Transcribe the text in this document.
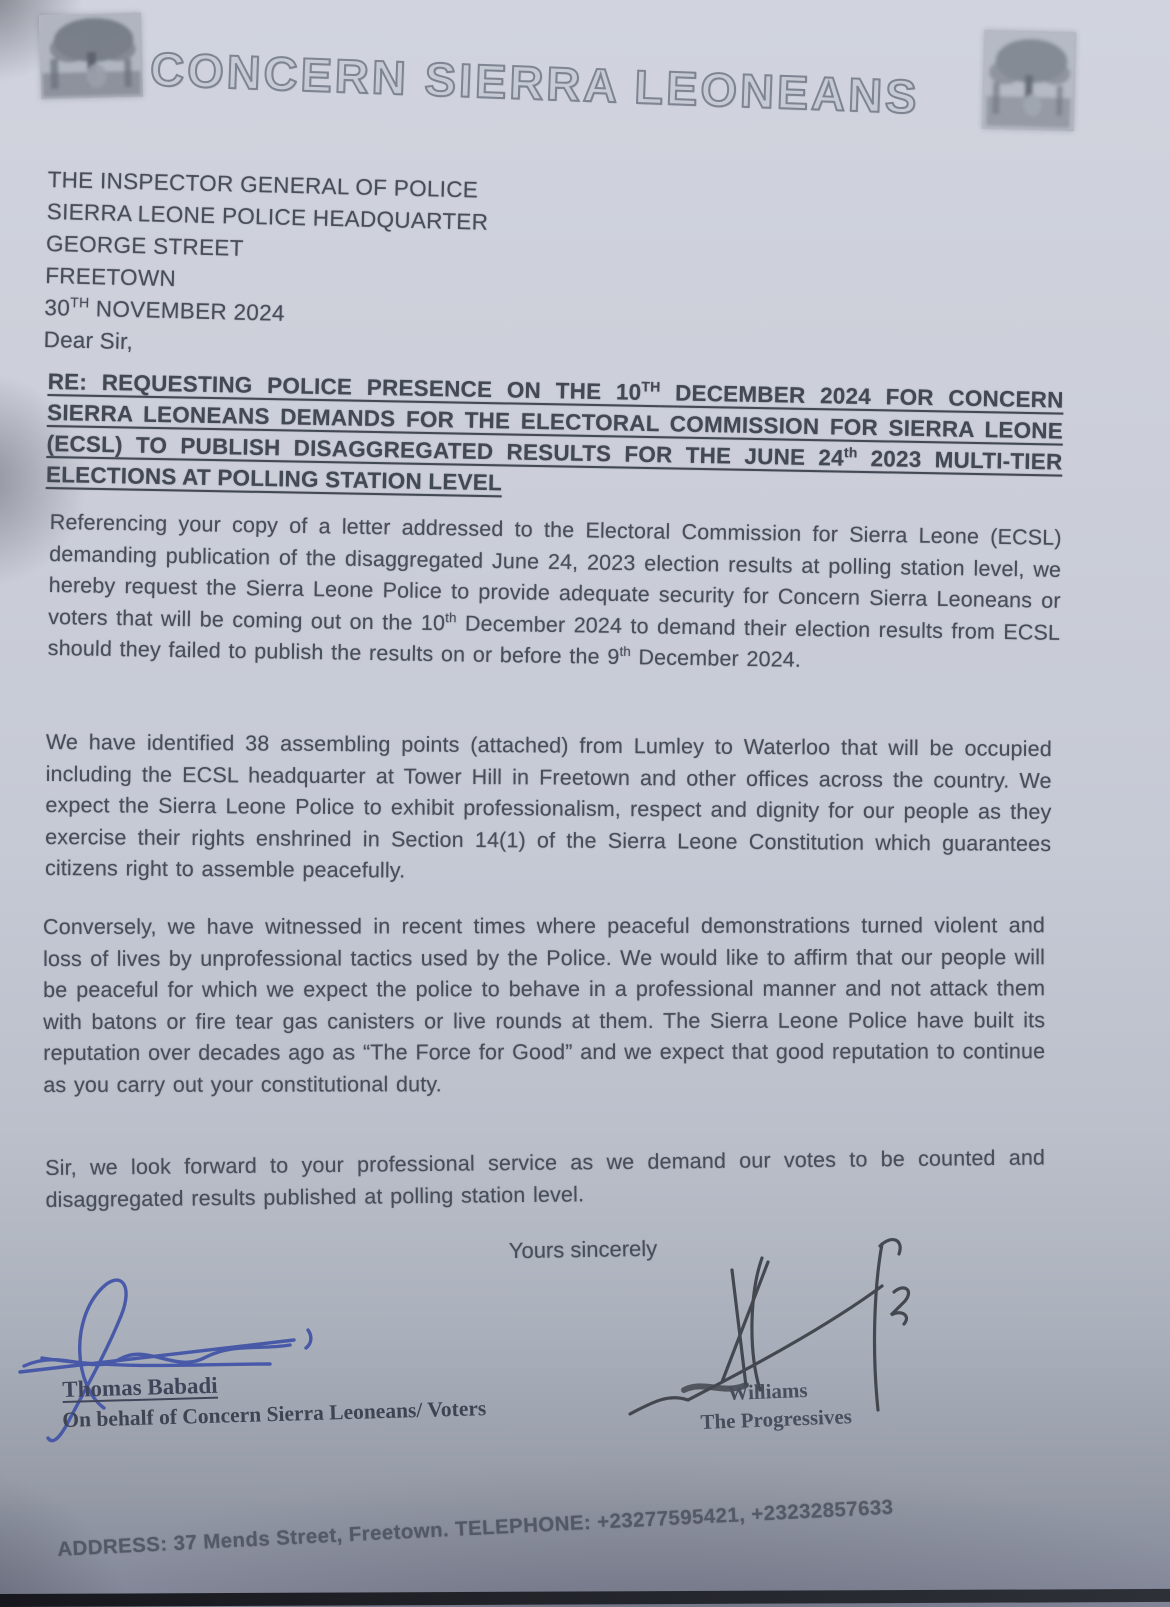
CONCERN SIERRA LEONEANS
THE INSPECTOR GENERAL OF POLICE
SIERRA LEONE POLICE HEADQUARTER
GEORGE STREET
FREETOWN
30TH NOVEMBER 2024
Dear Sir,
RE: REQUESTING POLICE PRESENCE ON THE 10TH DECEMBER 2024 FOR CONCERN SIERRA LEONEANS DEMANDS FOR THE ELECTORAL COMMISSION FOR SIERRA LEONE (ECSL) TO PUBLISH DISAGGREGATED RESULTS FOR THE JUNE 24th 2023 MULTI-TIER ELECTIONS AT POLLING STATION LEVEL
Referencing your copy of a letter addressed to the Electoral Commission for Sierra Leone (ECSL) demanding publication of the disaggregated June 24, 2023 election results at polling station level, we hereby request the Sierra Leone Police to provide adequate security for Concern Sierra Leoneans or voters that will be coming out on the 10th December 2024 to demand their election results from ECSL should they failed to publish the results on or before the 9th December 2024.
We have identified 38 assembling points (attached) from Lumley to Waterloo that will be occupied including the ECSL headquarter at Tower Hill in Freetown and other offices across the country. We expect the Sierra Leone Police to exhibit professionalism, respect and dignity for our people as they exercise their rights enshrined in Section 14(1) of the Sierra Leone Constitution which guarantees citizens right to assemble peacefully.
Conversely, we have witnessed in recent times where peaceful demonstrations turned violent and loss of lives by unprofessional tactics used by the Police. We would like to affirm that our people will be peaceful for which we expect the police to behave in a professional manner and not attack them with batons or fire tear gas canisters or live rounds at them. The Sierra Leone Police have built its reputation over decades ago as “The Force for Good” and we expect that good reputation to continue as you carry out your constitutional duty.
Sir, we look forward to your professional service as we demand our votes to be counted and disaggregated results published at polling station level.
Yours sincerely
Thomas Babadi
On behalf of Concern Sierra Leoneans/ Voters
Williams
The Progressives
ADDRESS: 37 Mends Street, Freetown. TELEPHONE: +23277595421, +23232857633
